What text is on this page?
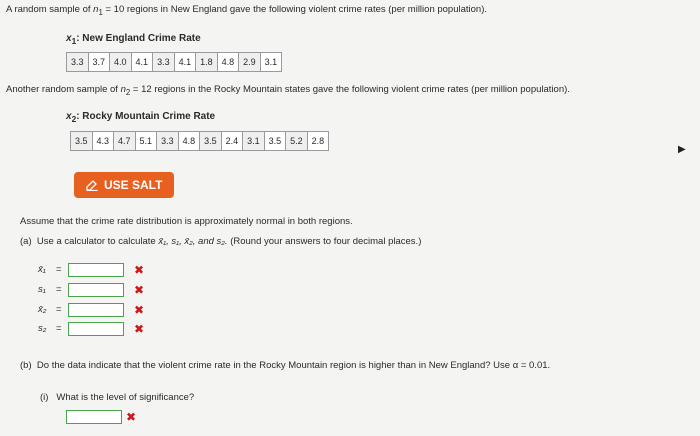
A random sample of $n_1 = 10$ regions in New England gave the following violent crime rates (per million population).
$x_1$: New England Crime Rate
3.3	3.7	4.0	4.1	3.3	4.1	1.8	4.8	2.9	3.1
Another random sample of $n_2 = 12$ regions in the Rocky Mountain states gave the following violent crime rates (per million population).
$x_2$: Rocky Mountain Crime Rate
3.5	4.3	4.7	5.1	3.3	4.8	3.5	2.4	3.1	3.5	5.2	2.8
▶
USE SALT
Assume that the crime rate distribution is approximately normal in both regions.
(a) Use a calculator to calculate x̄₁, s₁, x̄₂, and s₂. (Round your answers to four decimal places.)
x̄₁ =	✖
s₁ =	✖
x̄₂ =	✖
s₂ =	✖
(b) Do the data indicate that the violent crime rate in the Rocky Mountain region is higher than in New England? Use α = 0.01.
(i) What is the level of significance?
✖
